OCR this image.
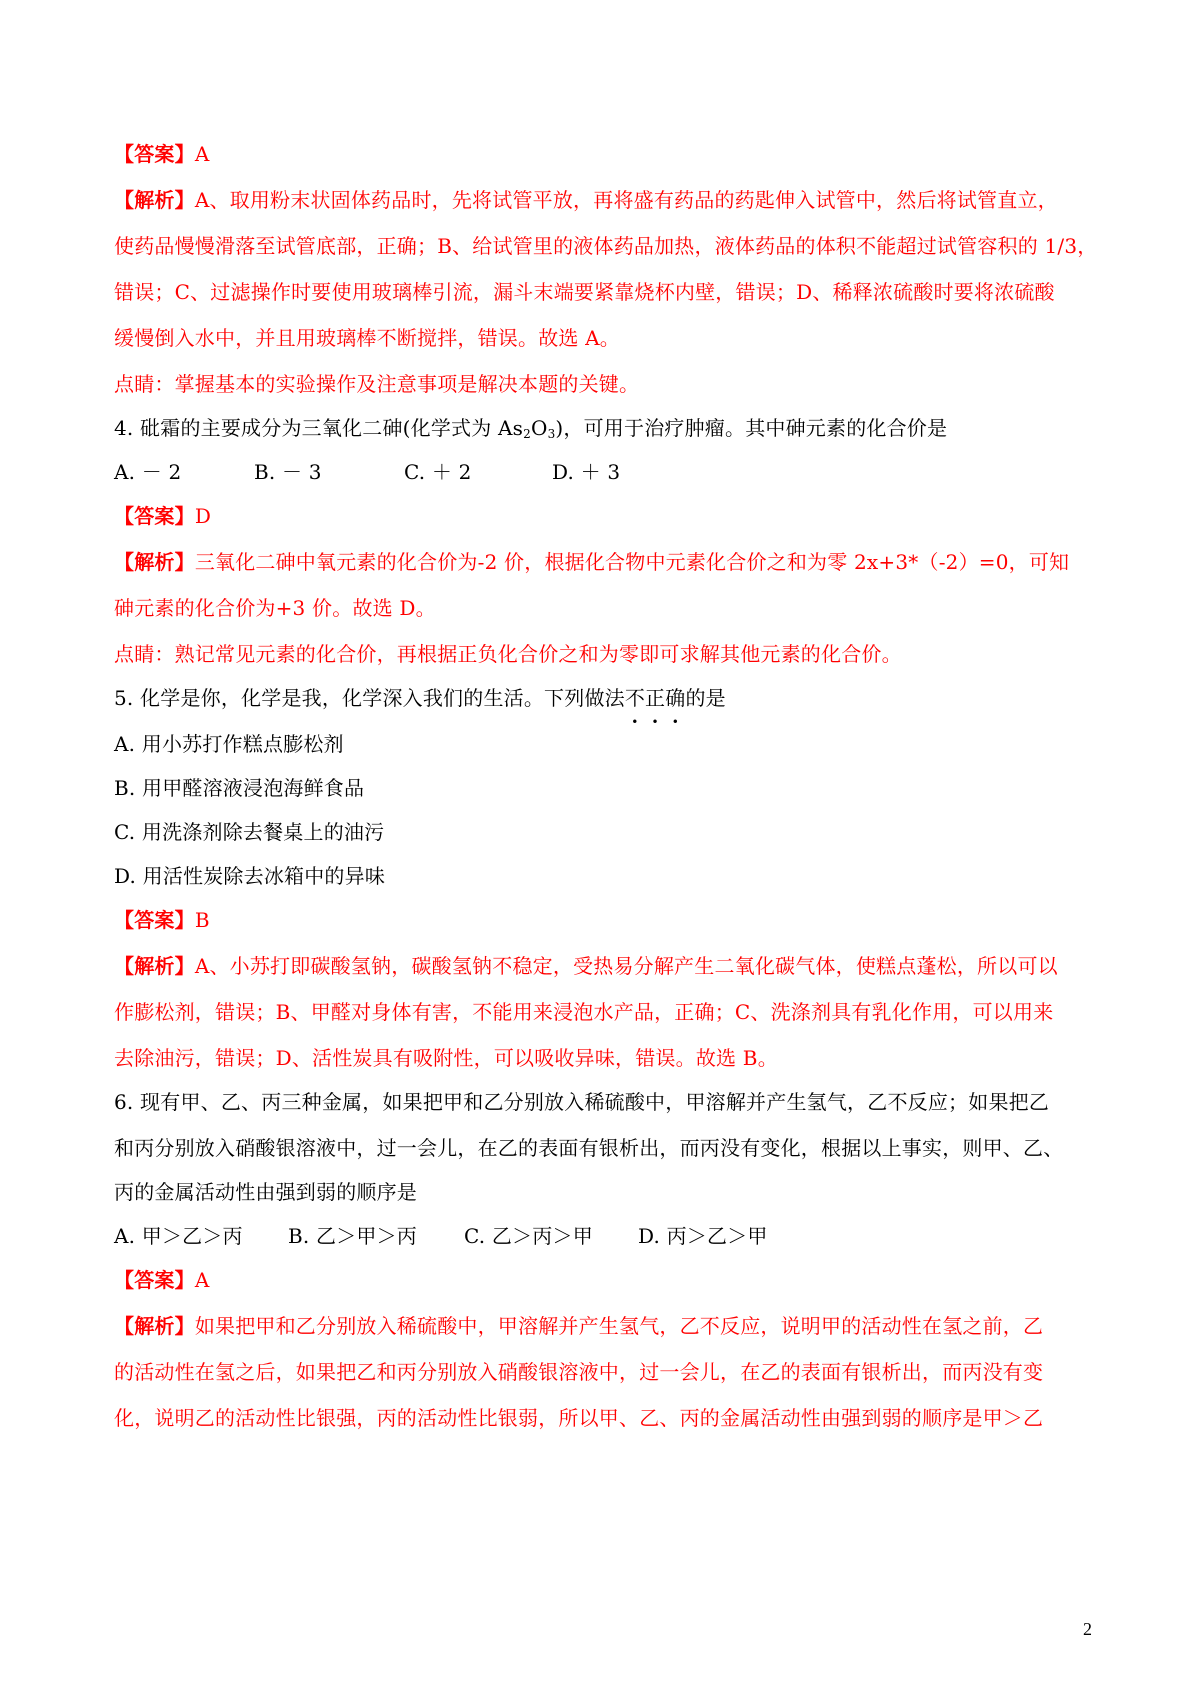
【答案】A
【解析】A、取用粉末状固体药品时，先将试管平放，再将盛有药品的药匙伸入试管中，然后将试管直立，
使药品慢慢滑落至试管底部，正确；B、给试管里的液体药品加热，液体药品的体积不能超过试管容积的 1/3，
错误；C、过滤操作时要使用玻璃棒引流，漏斗末端要紧靠烧杯内壁，错误；D、稀释浓硫酸时要将浓硫酸
缓慢倒入水中，并且用玻璃棒不断搅拌，错误。故选 A。
点睛：掌握基本的实验操作及注意事项是解决本题的关键。
4. 砒霜的主要成分为三氧化二砷(化学式为 $As_2O_3$)，可用于治疗肿瘤。其中砷元素的化合价是
A. － 2	B. － 3	C. ＋ 2	D. ＋ 3
【答案】D
【解析】三氧化二砷中氧元素的化合价为-2 价，根据化合物中元素化合价之和为零 2x+3*（-2）=0，可知
砷元素的化合价为+3 价。故选 D。
点睛：熟记常见元素的化合价，再根据正负化合价之和为零即可求解其他元素的化合价。
5. 化学是你，化学是我，化学深入我们的生活。下列做法不正确的是
A. 用小苏打作糕点膨松剂
B. 用甲醛溶液浸泡海鲜食品
C. 用洗涤剂除去餐桌上的油污
D. 用活性炭除去冰箱中的异味
【答案】B
【解析】A、小苏打即碳酸氢钠，碳酸氢钠不稳定，受热易分解产生二氧化碳气体，使糕点蓬松，所以可以
作膨松剂，错误；B、甲醛对身体有害，不能用来浸泡水产品，正确；C、洗涤剂具有乳化作用，可以用来
去除油污，错误；D、活性炭具有吸附性，可以吸收异味，错误。故选 B。
6. 现有甲、乙、丙三种金属，如果把甲和乙分别放入稀硫酸中，甲溶解并产生氢气，乙不反应；如果把乙
和丙分别放入硝酸银溶液中，过一会儿，在乙的表面有银析出，而丙没有变化，根据以上事实，则甲、乙、
丙的金属活动性由强到弱的顺序是
A. 甲＞乙＞丙 B. 乙＞甲＞丙 C. 乙＞丙＞甲 D. 丙＞乙＞甲
【答案】A
【解析】如果把甲和乙分别放入稀硫酸中，甲溶解并产生氢气，乙不反应，说明甲的活动性在氢之前，乙
的活动性在氢之后，如果把乙和丙分别放入硝酸银溶液中，过一会儿，在乙的表面有银析出，而丙没有变
化，说明乙的活动性比银强，丙的活动性比银弱，所以甲、乙、丙的金属活动性由强到弱的顺序是甲＞乙
2
